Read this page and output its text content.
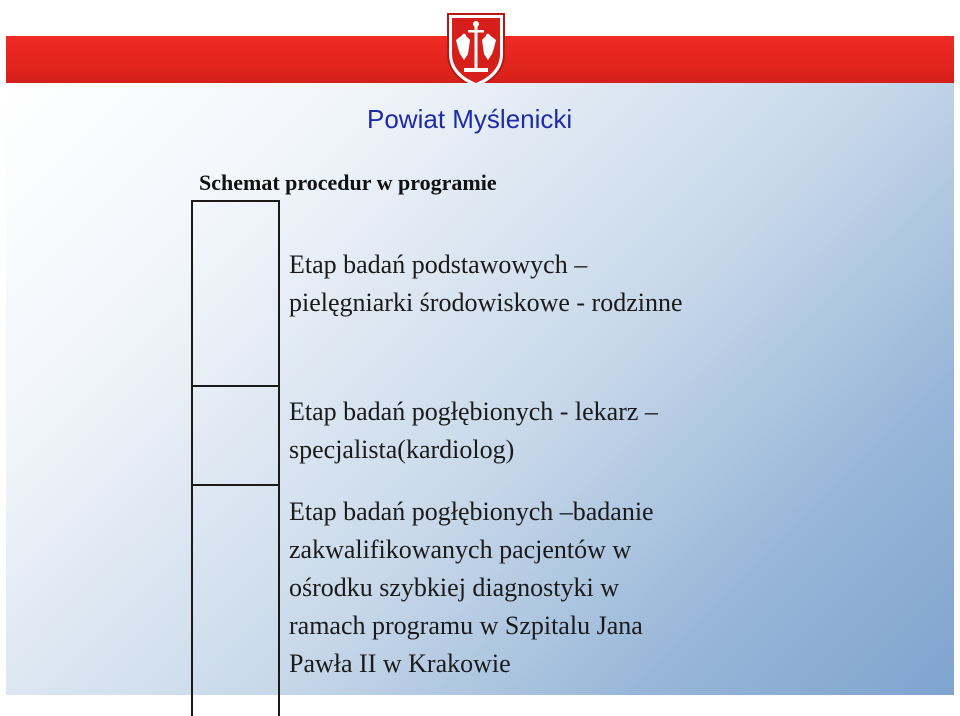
Powiat Myślenicki
Schemat procedur w programie
Etap badań podstawowych –
pielęgniarki środowiskowe - rodzinne
Etap badań pogłębionych - lekarz –
specjalista(kardiolog)
Etap badań pogłębionych –badanie
zakwalifikowanych pacjentów w
ośrodku szybkiej diagnostyki w
ramach programu w Szpitalu Jana
Pawła II w Krakowie
